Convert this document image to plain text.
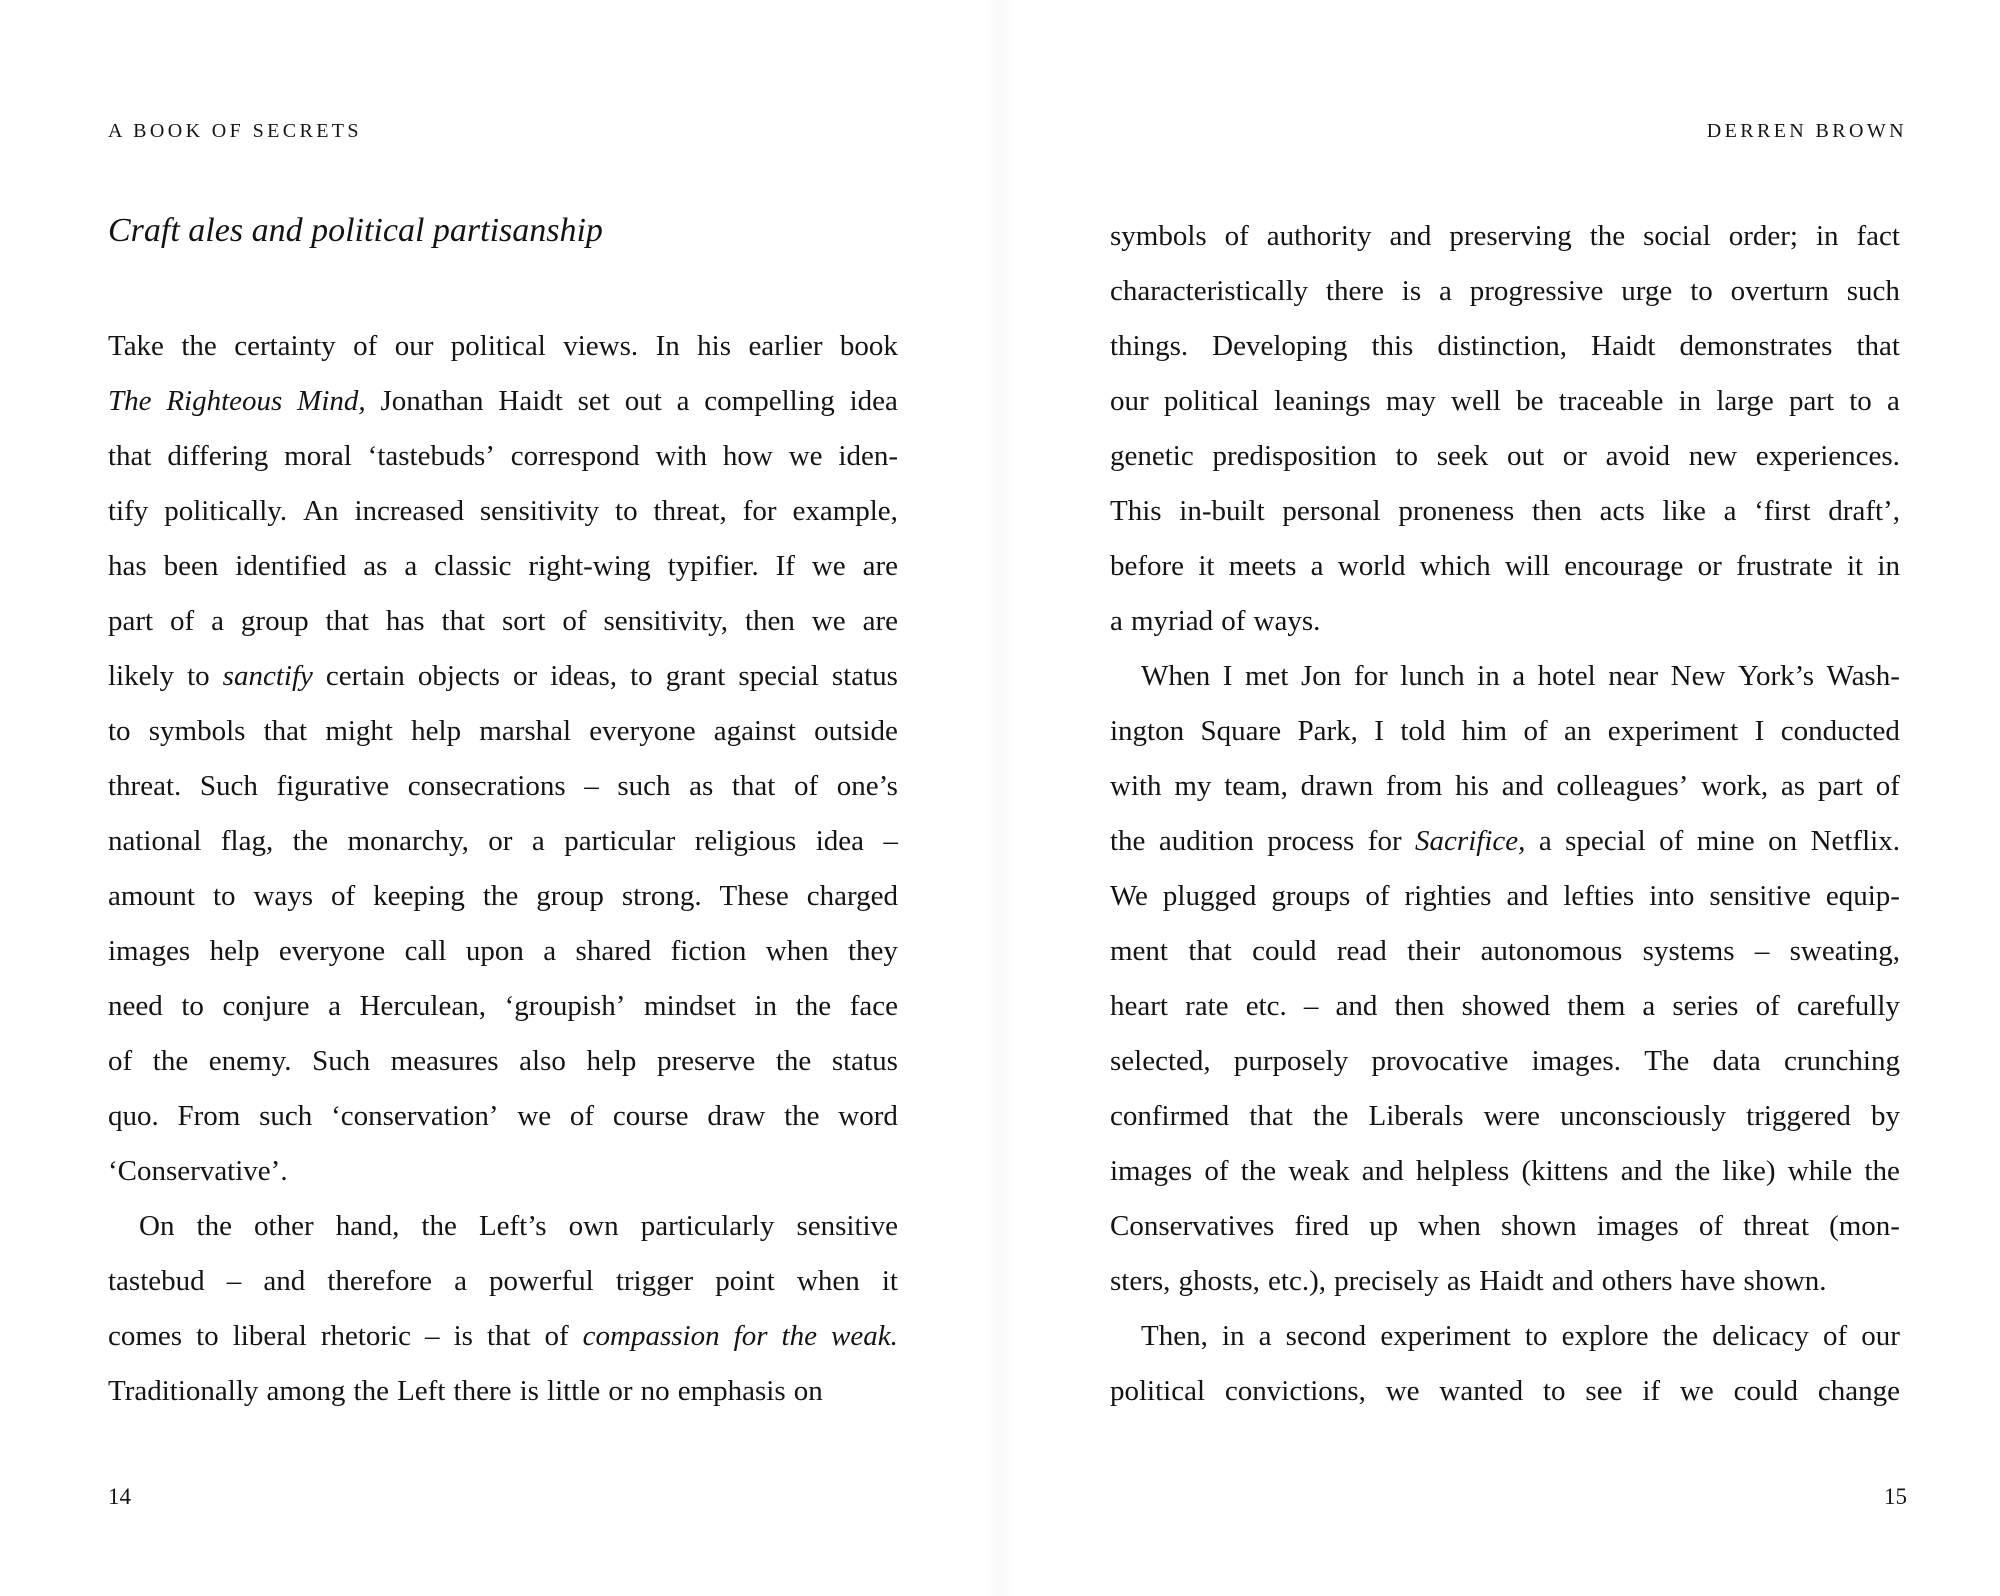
A BOOK OF SECRETS
Craft ales and political partisanship
Take the certainty of our political views. In his earlier book
The Righteous Mind, Jonathan Haidt set out a compelling idea
that differing moral ‘tastebuds’ correspond with how we iden-
tify politically. An increased sensitivity to threat, for example,
has been identified as a classic right-wing typifier. If we are
part of a group that has that sort of sensitivity, then we are
likely to sanctify certain objects or ideas, to grant special status
to symbols that might help marshal everyone against outside
threat. Such figurative consecrations – such as that of one’s
national flag, the monarchy, or a particular religious idea –
amount to ways of keeping the group strong. These charged
images help everyone call upon a shared fiction when they
need to conjure a Herculean, ‘groupish’ mindset in the face
of the enemy. Such measures also help preserve the status
quo. From such ‘conservation’ we of course draw the word
‘Conservative’.
On the other hand, the Left’s own particularly sensitive
tastebud – and therefore a powerful trigger point when it
comes to liberal rhetoric – is that of compassion for the weak.
Traditionally among the Left there is little or no emphasis on
14
DERREN BROWN
symbols of authority and preserving the social order; in fact
characteristically there is a progressive urge to overturn such
things. Developing this distinction, Haidt demonstrates that
our political leanings may well be traceable in large part to a
genetic predisposition to seek out or avoid new experiences.
This in-built personal proneness then acts like a ‘first draft’,
before it meets a world which will encourage or frustrate it in
a myriad of ways.
When I met Jon for lunch in a hotel near New York’s Wash-
ington Square Park, I told him of an experiment I conducted
with my team, drawn from his and colleagues’ work, as part of
the audition process for Sacrifice, a special of mine on Netflix.
We plugged groups of righties and lefties into sensitive equip-
ment that could read their autonomous systems – sweating,
heart rate etc. – and then showed them a series of carefully
selected, purposely provocative images. The data crunching
confirmed that the Liberals were unconsciously triggered by
images of the weak and helpless (kittens and the like) while the
Conservatives fired up when shown images of threat (mon-
sters, ghosts, etc.), precisely as Haidt and others have shown.
Then, in a second experiment to explore the delicacy of our
political convictions, we wanted to see if we could change
15
